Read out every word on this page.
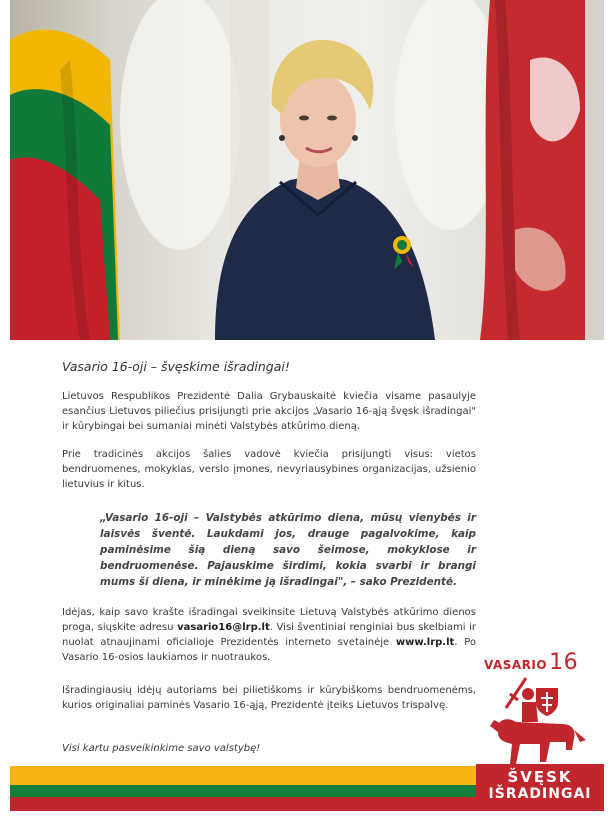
Vasario 16-oji – švęskime išradingai!

Lietuvos Respublikos Prezidentė Dalia Grybauskaitė kviečia visame pasaulyje esančius Lietuvos piliečius prisijungti prie akcijos „Vasario 16-ąją švęsk išradingai" ir kūrybingai bei sumaniai minėti Valstybės atkūrimo dieną.

Prie tradicinės akcijos šalies vadovė kviečia prisijungti visus: vietos bendruomenes, mokyklas, verslo įmones, nevyriausybines organizacijas, užsienio lietuvius ir kitus.

„Vasario 16-oji – Valstybės atkūrimo diena, mūsų vienybės ir laisvės šventė. Laukdami jos, drauge pagalvokime, kaip paminėsime šią dieną savo šeimose, mokyklose ir bendruomenėse. Pajauskime širdimi, kokia svarbi ir brangi mums ši diena, ir minėkime ją išradingai", – sako Prezidentė.

Idėjas, kaip savo krašte išradingai sveikinsite Lietuvą Valstybės atkūrimo dienos proga, siųskite adresu vasario16@lrp.lt. Visi šventiniai renginiai bus skelbiami ir nuolat atnaujinami oficialioje Prezidentės interneto svetainėje www.lrp.lt. Po Vasario 16-osios laukiamos ir nuotraukos.

Išradingiausių idėjų autoriams bei pilietiškoms ir kūrybiškoms bendruomenėms, kurios originaliai paminės Vasario 16-ąją, Prezidentė įteiks Lietuvos trispalvę.

Visi kartu pasveikinkime savo valstybę!

VASARIO16
ŠVĘSK
IŠRADINGAI
